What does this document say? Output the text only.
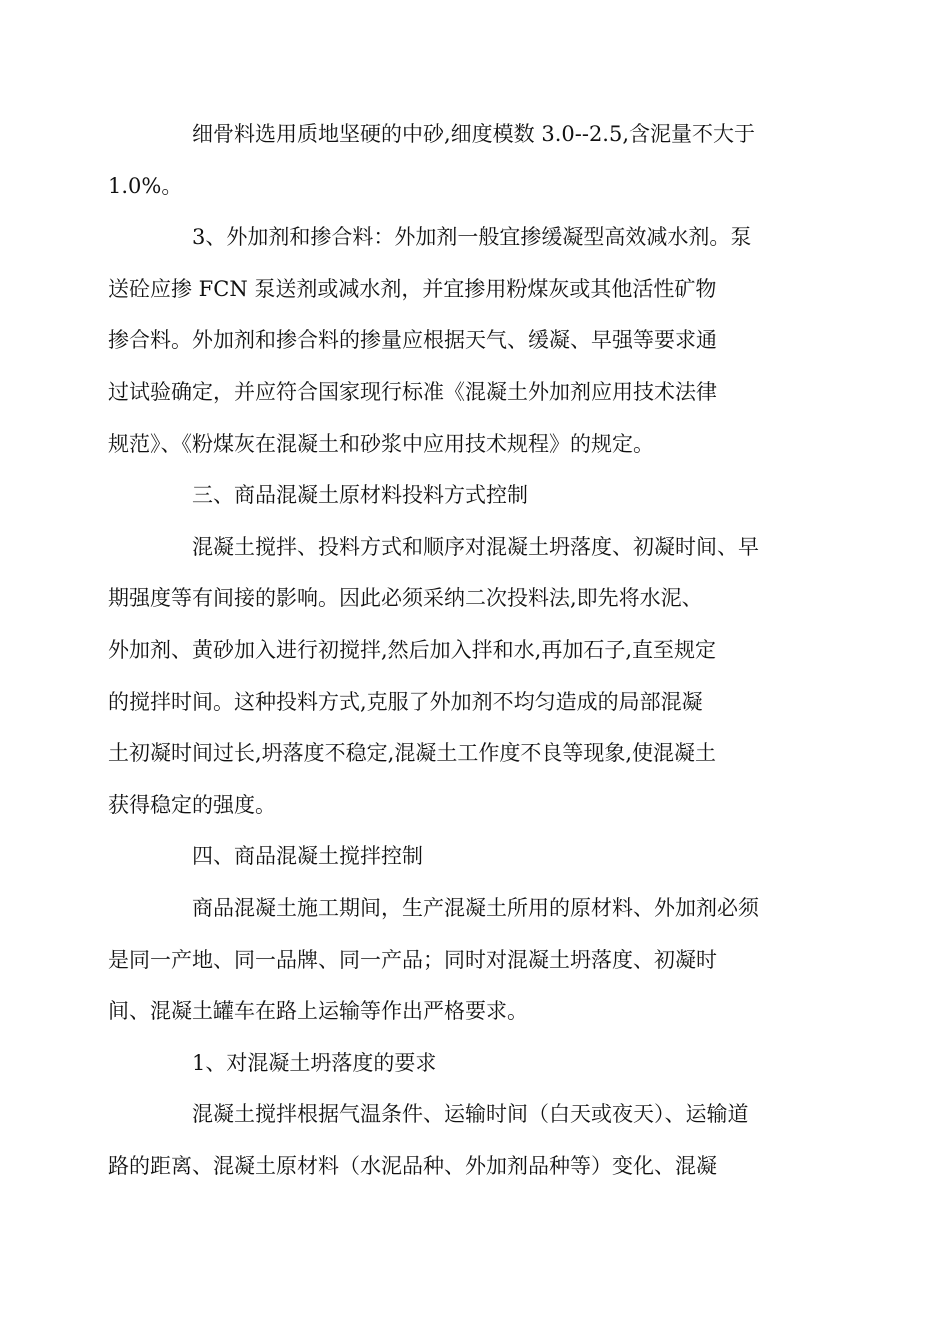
细骨料选用质地坚硬的中砂,细度模数 3.0--2.5,含泥量不大于
1.0%。

3、外加剂和掺合料：外加剂一般宜掺缓凝型高效减水剂。泵
送砼应掺 FCN 泵送剂或减水剂，并宜掺用粉煤灰或其他活性矿物
掺合料。外加剂和掺合料的掺量应根据天气、缓凝、早强等要求通
过试验确定，并应符合国家现行标准《混凝土外加剂应用技术法律
规范》、《粉煤灰在混凝土和砂浆中应用技术规程》的规定。

三、商品混凝土原材料投料方式控制

混凝土搅拌、投料方式和顺序对混凝土坍落度、初凝时间、早
期强度等有间接的影响。因此必须采纳二次投料法,即先将水泥、
外加剂、黄砂加入进行初搅拌,然后加入拌和水,再加石子,直至规定
的搅拌时间。这种投料方式,克服了外加剂不均匀造成的局部混凝
土初凝时间过长,坍落度不稳定,混凝土工作度不良等现象,使混凝土
获得稳定的强度。

四、商品混凝土搅拌控制

商品混凝土施工期间，生产混凝土所用的原材料、外加剂必须
是同一产地、同一品牌、同一产品；同时对混凝土坍落度、初凝时
间、混凝土罐车在路上运输等作出严格要求。

1、对混凝土坍落度的要求

混凝土搅拌根据气温条件、运输时间（白天或夜天）、运输道
路的距离、混凝土原材料（水泥品种、外加剂品种等）变化、混凝
